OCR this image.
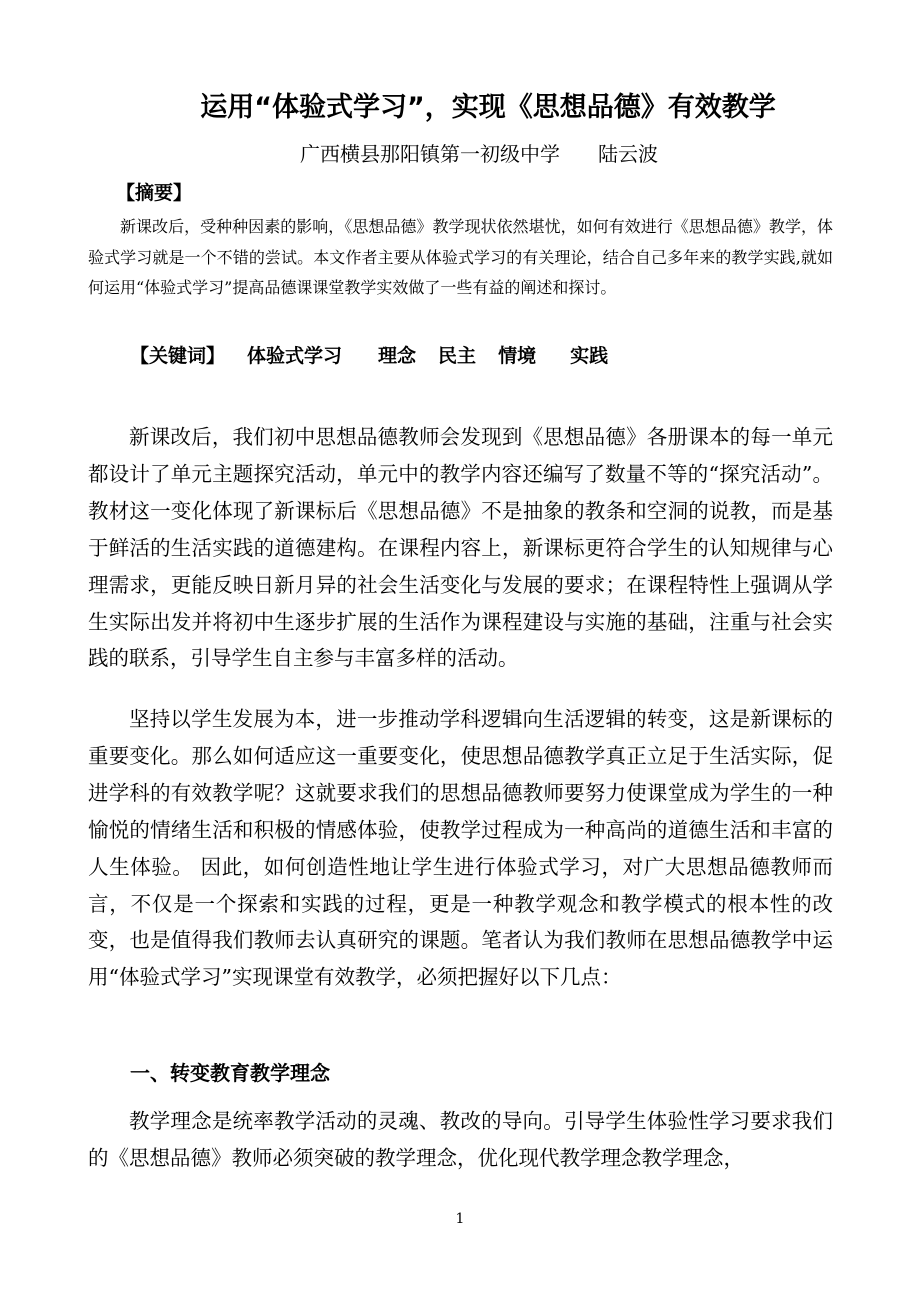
运用“体验式学习”，实现《思想品德》有效教学
广西横县那阳镇第一初级中学 陆云波
【摘要】

新课改后，受种种因素的影响，《思想品德》教学现状依然堪忧，如何有效进行《思想品德》教学，体验式学习就是一个不错的尝试。本文作者主要从体验式学习的有关理论，结合自己多年来的教学实践,就如何运用“体验式学习”提高品德课课堂教学实效做了一些有益的阐述和探讨。

【关键词】 体验式学习 理念 民主 情境 实践

新课改后，我们初中思想品德教师会发现到《思想品德》各册课本的每一单元都设计了单元主题探究活动，单元中的教学内容还编写了数量不等的“探究活动”。教材这一变化体现了新课标后《思想品德》不是抽象的教条和空洞的说教，而是基于鲜活的生活实践的道德建构。在课程内容上，新课标更符合学生的认知规律与心理需求，更能反映日新月异的社会生活变化与发展的要求；在课程特性上强调从学生实际出发并将初中生逐步扩展的生活作为课程建设与实施的基础，注重与社会实践的联系，引导学生自主参与丰富多样的活动。

坚持以学生发展为本，进一步推动学科逻辑向生活逻辑的转变，这是新课标的重要变化。那么如何适应这一重要变化，使思想品德教学真正立足于生活实际，促进学科的有效教学呢？这就要求我们的思想品德教师要努力使课堂成为学生的一种愉悦的情绪生活和积极的情感体验，使教学过程成为一种高尚的道德生活和丰富的人生体验。 因此，如何创造性地让学生进行体验式学习，对广大思想品德教师而言，不仅是一个探索和实践的过程，更是一种教学观念和教学模式的根本性的改变，也是值得我们教师去认真研究的课题。笔者认为我们教师在思想品德教学中运用“体验式学习”实现课堂有效教学，必须把握好以下几点：

一、转变教育教学理念

教学理念是统率教学活动的灵魂、教改的导向。引导学生体验性学习要求我们的《思想品德》教师必须突破的教学理念，优化现代教学理念教学理念，

1
